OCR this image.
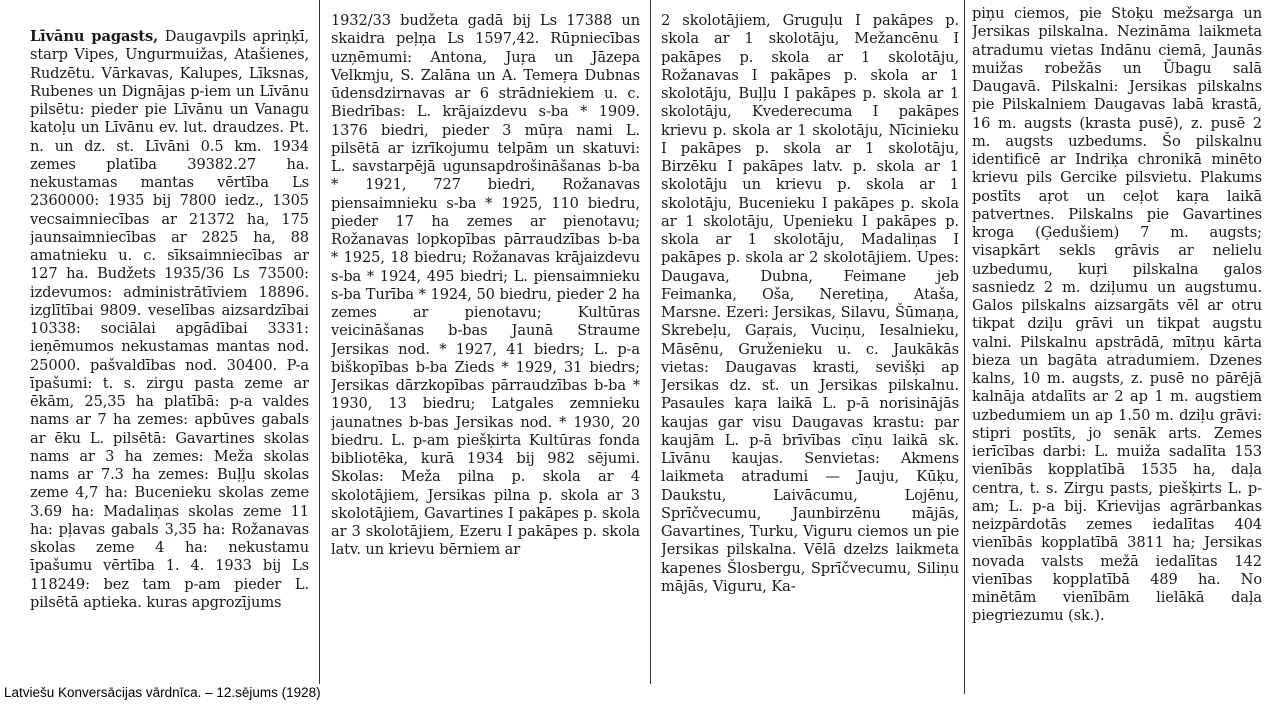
Līvānu pagasts, Daugavpils apriņķī, starp Vipes, Ungurmuižas, Atašienes, Rudzētu. Vārkavas, Kalupes, Līksnas, Rubenes un Dignājas p-iem un Līvānu pilsētu: pieder pie Līvānu un Vanagu katoļu un Līvānu ev. lut. draudzes. Pt. n. un dz. st. Līvāni 0.5 km. 1934 zemes platība 39382.27 ha. nekustamas mantas vērtība Ls 2360000: 1935 bij 7800 iedz., 1305 vecsaimniecības ar 21372 ha, 175 jaunsaimniecības ar 2825 ha, 88 amatnieku u. c. sīksaimniecības ar 127 ha. Budžets 1935/36 Ls 73500: izdevumos: administrātīviem 18896. izglītībai 9809. veselības aizsardzībai 10338: sociālai apgādībai 3331: ieņēmumos nekustamas mantas nod. 25000. pašvaldības nod. 30400. P-a īpašumi: t. s. zirgu pasta zeme ar ēkām, 25,35 ha platībā: p-a valdes nams ar 7 ha zemes: apbūves gabals ar ēku L. pilsētā: Gavartines skolas nams ar 3 ha zemes: Meža skolas nams ar 7.3 ha zemes: Buļļu skolas zeme 4,7 ha: Bucenieku skolas zeme 3.69 ha: Madaliņas skolas zeme 11 ha: pļavas gabals 3,35 ha: Rožanavas skolas zeme 4 ha: nekustamu īpašumu vērtība 1. 4. 1933 bij Ls 118249: bez tam p-am pieder L. pilsētā aptieka. kuras apgrozījums

1932/33 budžeta gadā bij Ls 17388 un skaidra peļņa Ls 1597,42. Rūpniecības uzņēmumi: Antona, Juŗa un Jāzepa Velkmju, S. Zalāna un A. Temeŗa Dubnas ūdensdzirnavas ar 6 strādniekiem u. c. Biedrības: L. krājaizdevu s-ba * 1909. 1376 biedri, pieder 3 mūŗa nami L. pilsētā ar izrīkojumu telpām un skatuvi: L. savstarpējā ugunsapdrošināšanas b-ba * 1921, 727 biedri, Rožanavas piensaimnieku s-ba * 1925, 110 biedru, pieder 17 ha zemes ar pienotavu; Rožanavas lopkopības pārraudzības b-ba * 1925, 18 biedru; Rožanavas krājaizdevu s-ba * 1924, 495 biedri; L. piensaimnieku s-ba Turība * 1924, 50 biedru, pieder 2 ha zemes ar pienotavu; Kultūras veicināšanas b-bas Jaunā Straume Jersikas nod. * 1927, 41 biedrs; L. p-a biškopības b-ba Zieds * 1929, 31 biedrs; Jersikas dārzkopības pārraudzības b-ba * 1930, 13 biedru; Latgales zemnieku jaunatnes b-bas Jersikas nod. * 1930, 20 biedru. L. p-am piešķirta Kultūras fonda bibliotēka, kurā 1934 bij 982 sējumi. Skolas: Meža pilna p. skola ar 4 skolotājiem, Jersikas pilna p. skola ar 3 skolotājiem, Gavartines I pakāpes p. skola ar 3 skolotājiem, Ezeru I pakāpes p. skola latv. un krievu bērniem ar

2 skolotājiem, Gruguļu I pakāpes p. skola ar 1 skolotāju, Mežancēnu I pakāpes p. skola ar 1 skolotāju, Rožanavas I pakāpes p. skola ar 1 skolotāju, Buļļu I pakāpes p. skola ar 1 skolotāju, Kvederecuma I pakāpes krievu p. skola ar 1 skolotāju, Nīcinieku I pakāpes p. skola ar 1 skolotāju, Birzēku I pakāpes latv. p. skola ar 1 skolotāju un krievu p. skola ar 1 skolotāju, Bucenieku I pakāpes p. skola ar 1 skolotāju, Upenieku I pakāpes p. skola ar 1 skolotāju, Madaliņas I pakāpes p. skola ar 2 skolotājiem. Upes: Daugava, Dubna, Feimane jeb Feimanka, Oša, Neretiņa, Ataša, Marsne. Ezeri: Jersikas, Silavu, Šūmaņa, Skrebeļu, Gaŗais, Vuciņu, Iesalnieku, Māsēnu, Gruženieku u. c. Jaukākās vietas: Daugavas krasti, sevišķi ap Jersikas dz. st. un Jersikas pilskalnu. Pasaules kaŗa laikā L. p-ā norisinājās kaujas gar visu Daugavas krastu: par kaujām L. p-ā brīvības cīņu laikā sk. Līvānu kaujas. Senvietas: Akmens laikmeta atradumi — Jauju, Kūķu, Daukstu, Laivācumu, Lojēnu, Sprīčvecumu, Jaunbirzēnu mājās, Gavartines, Turku, Viguru ciemos un pie Jersikas pilskalna. Vēlā dzelzs laikmeta kapenes Šlosbergu, Sprīčvecumu, Siliņu mājās, Viguru, Ka-

piņu ciemos, pie Stoķu mežsarga un Jersikas pilskalna. Nezināma laikmeta atradumu vietas Indānu ciemā, Jaunās muižas robežās un Ūbagu salā Daugavā. Pilskalni: Jersikas pilskalns pie Pilskalniem Daugavas labā krastā, 16 m. augsts (krasta pusē), z. pusē 2 m. augsts uzbedums. Šo pilskalnu identificē ar Indriķa chronikā minēto krievu pils Gercike pilsvietu. Plakums postīts aŗot un ceļot kaŗa laikā patvertnes. Pilskalns pie Gavartines kroga (Ģedušiem) 7 m. augsts; visapkārt sekls grāvis ar nelielu uzbedumu, kuŗi pilskalna galos sasniedz 2 m. dziļumu un augstumu. Galos pilskalns aizsargāts vēl ar otru tikpat dziļu grāvi un tikpat augstu valni. Pilskalnu apstrādā, mītņu kārta bieza un bagāta atradumiem. Dzenes kalns, 10 m. augsts, z. pusē no pārējā kalnāja atdalīts ar 2 ap 1 m. augstiem uzbedumiem un ap 1.50 m. dziļu grāvi: stipri postīts, jo senāk arts. Zemes ierīcības darbi: L. muiža sadalīta 153 vienībās kopplatībā 1535 ha, daļa centra, t. s. Zirgu pasts, piešķirts L. p-am; L. p-a bij. Krievijas agrārbankas neizpārdotās zemes iedalītas 404 vienībās kopplatībā 3811 ha; Jersikas novada valsts mežā iedalītas 142 vienības kopplatībā 489 ha. No minētām vienībām lielākā daļa piegriezumu (sk.).

Latviešu Konversācijas vārdnīca. – 12.sējums (1928)
